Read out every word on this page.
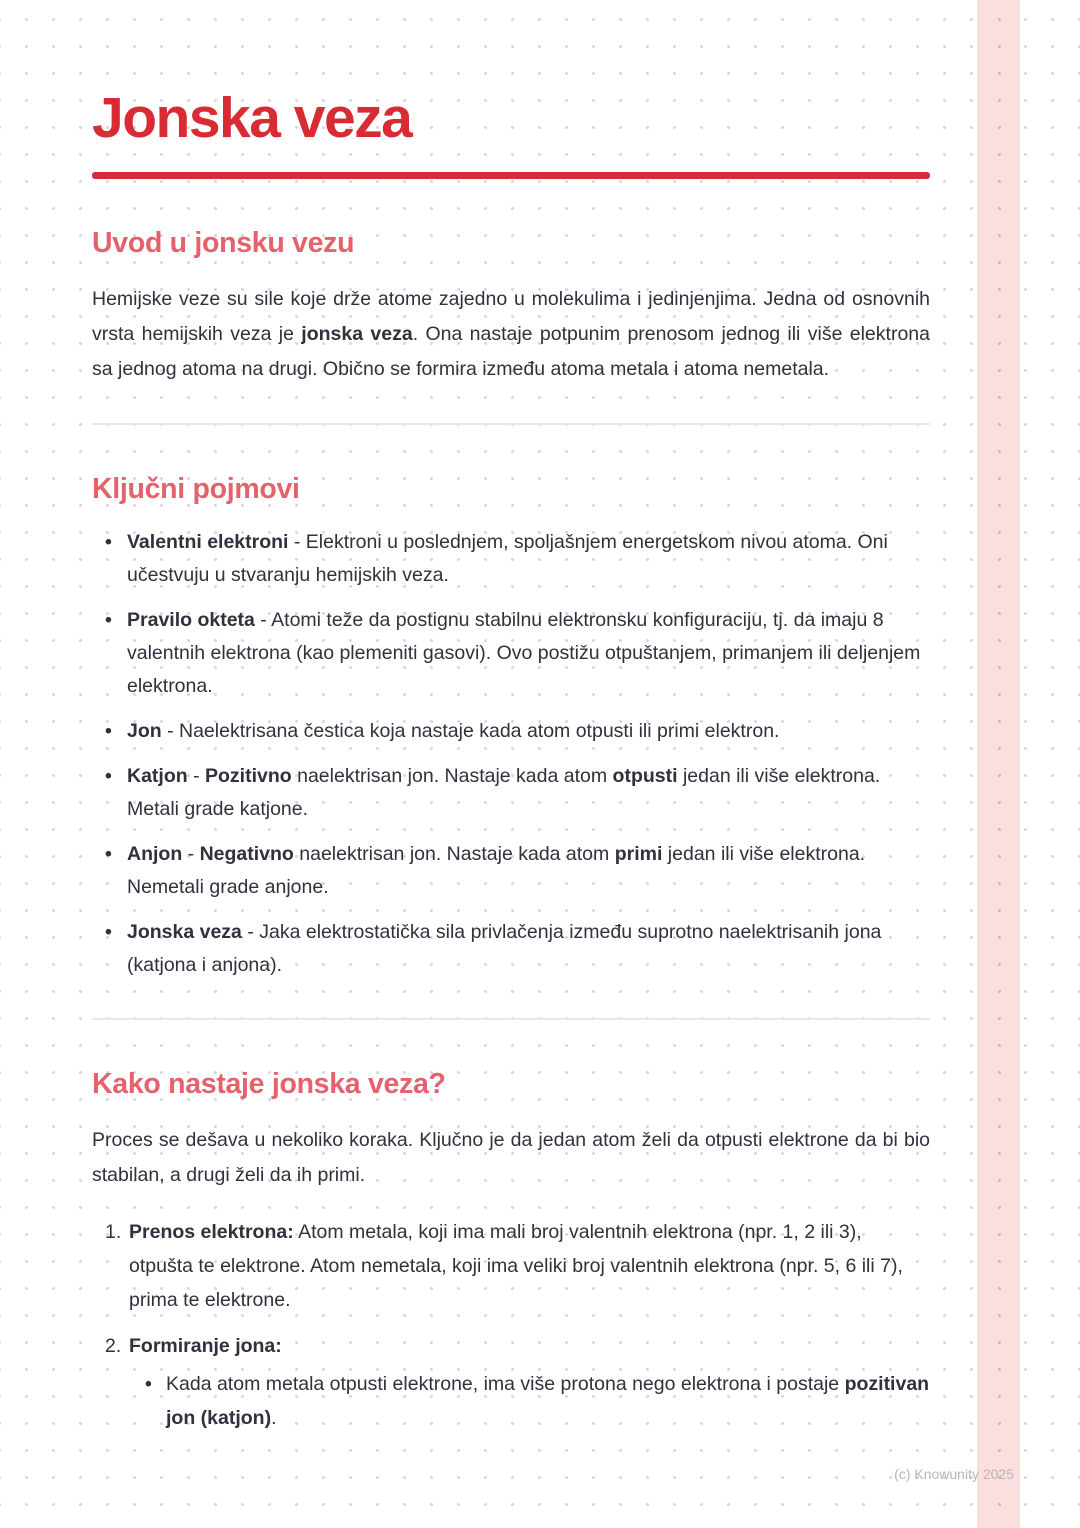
Jonska veza
Uvod u jonsku vezu

Hemijske veze su sile koje drže atome zajedno u molekulima i jedinjenjima. Jedna od osnovnih vrsta hemijskih veza je jonska veza. Ona nastaje potpunim prenosom jednog ili više elektrona sa jednog atoma na drugi. Obično se formira između atoma metala i atoma nemetala.

Ključni pojmovi
• Valentni elektroni - Elektroni u poslednjem, spoljašnjem energetskom nivou atoma. Oni učestvuju u stvaranju hemijskih veza.
• Pravilo okteta - Atomi teže da postignu stabilnu elektronsku konfiguraciju, tj. da imaju 8 valentnih elektrona (kao plemeniti gasovi). Ovo postižu otpuštanjem, primanjem ili deljenjem elektrona.
• Jon - Naelektrisana čestica koja nastaje kada atom otpusti ili primi elektron.
• Katjon - Pozitivno naelektrisan jon. Nastaje kada atom otpusti jedan ili više elektrona. Metali grade katjone.
• Anjon - Negativno naelektrisan jon. Nastaje kada atom primi jedan ili više elektrona. Nemetali grade anjone.
• Jonska veza - Jaka elektrostatička sila privlačenja između suprotno naelektrisanih jona (katjona i anjona).
Kako nastaje jonska veza?

Proces se dešava u nekoliko koraka. Ključno je da jedan atom želi da otpusti elektrone da bi bio stabilan, a drugi želi da ih primi.

1. Prenos elektrona: Atom metala, koji ima mali broj valentnih elektrona (npr. 1, 2 ili 3), otpušta te elektrone. Atom nemetala, koji ima veliki broj valentnih elektrona (npr. 5, 6 ili 7), prima te elektrone.
2. Formiranje jona:
• Kada atom metala otpusti elektrone, ima više protona nego elektrona i postaje pozitivan jon (katjon).
(c) Knowunity 2025
